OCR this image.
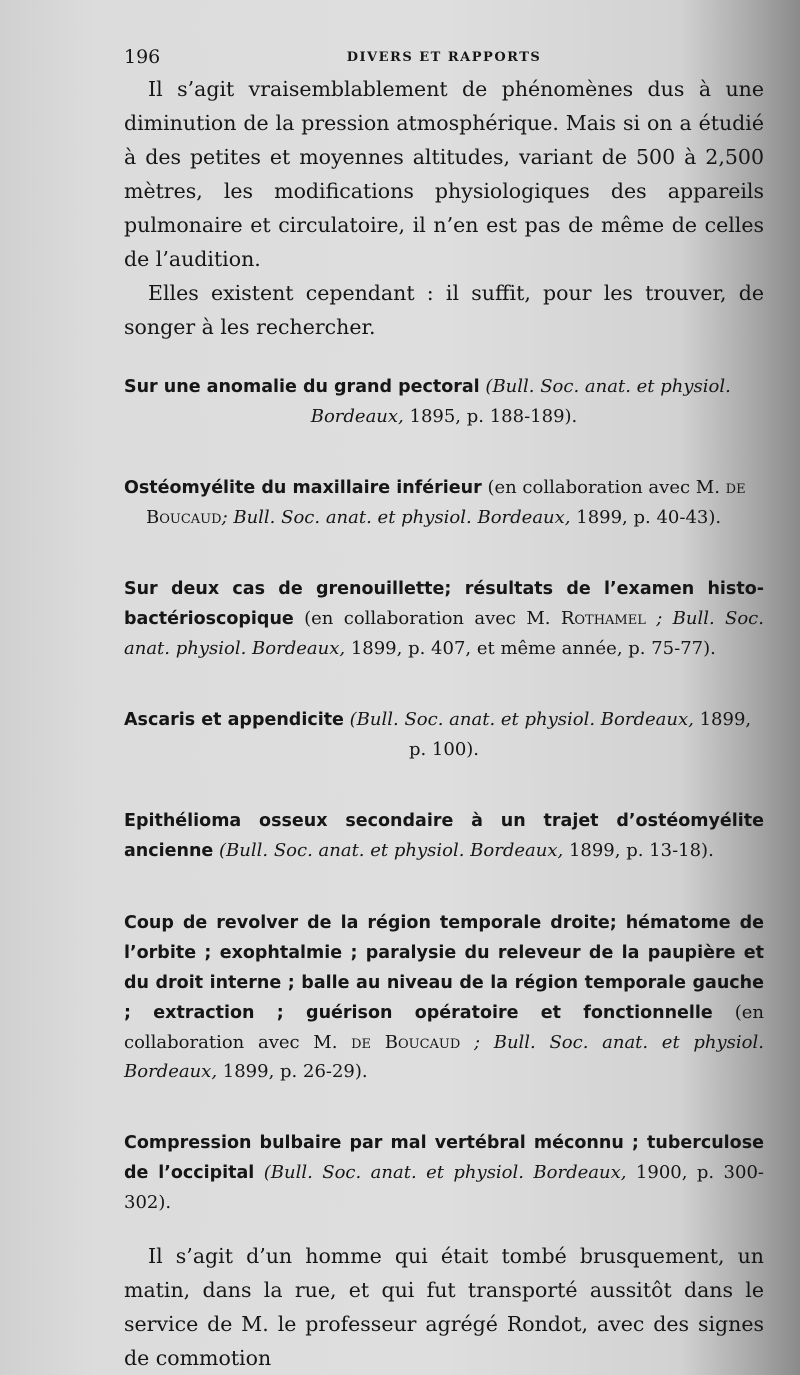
196	DIVERS ET RAPPORTS

Il s’agit vraisemblablement de phénomènes dus à une diminution de la pression atmosphérique. Mais si on a étudié à des petites et moyennes altitudes, variant de 500 à 2,500 mètres, les modifications physiologiques des appareils pulmonaire et circulatoire, il n’en est pas de même de celles de l’audition.

Elles existent cependant : il suffit, pour les trouver, de songer à les rechercher.

Sur une anomalie du grand pectoral (Bull. Soc. anat. et physiol.
Bordeaux, 1895, p. 188-189).

Ostéomyélite du maxillaire inférieur (en collaboration avec M. de
Boucaud; Bull. Soc. anat. et physiol. Bordeaux, 1899, p. 40-43).

Sur deux cas de grenouillette; résultats de l’examen histo-bactérioscopique (en collaboration avec M. Rothamel ; Bull. Soc. anat. physiol. Bordeaux, 1899, p. 407, et même année, p. 75-77).

Ascaris et appendicite (Bull. Soc. anat. et physiol. Bordeaux, 1899,
p. 100).

Epithélioma osseux secondaire à un trajet d’ostéomyélite ancienne (Bull. Soc. anat. et physiol. Bordeaux, 1899, p. 13-18).

Coup de revolver de la région temporale droite; hématome de l’orbite ; exophtalmie ; paralysie du releveur de la paupière et du droit interne ; balle au niveau de la région temporale gauche ; extraction ; guérison opératoire et fonctionnelle (en collaboration avec M. de Boucaud ; Bull. Soc. anat. et physiol. Bordeaux, 1899, p. 26-29).

Compression bulbaire par mal vertébral méconnu ; tuberculose de l’occipital (Bull. Soc. anat. et physiol. Bordeaux, 1900, p. 300-302).

Il s’agit d’un homme qui était tombé brusquement, un matin, dans la rue, et qui fut transporté aussitôt dans le service de M. le professeur agrégé Rondot, avec des signes de commotion
